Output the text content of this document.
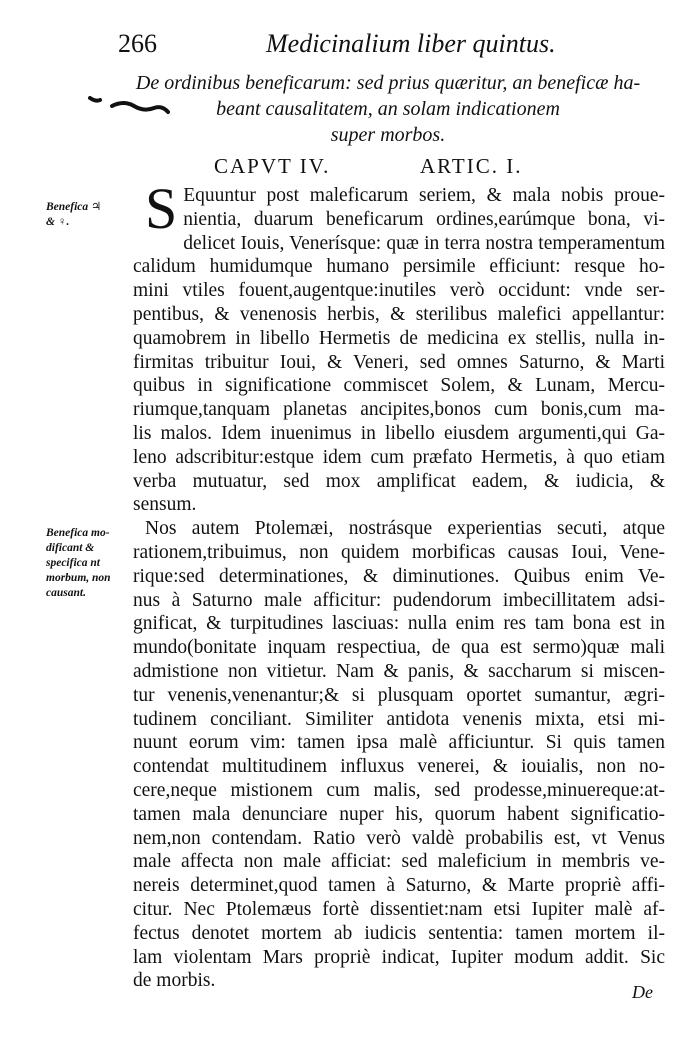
266	Medicinalium liber quintus.
De ordinibus beneficarum: sed prius quæritur, an beneficæ ha-
beant causalitatem, an solam indicationem
super morbos.
CAPVT IV.	ARTIC. I.
Benefica ♃
& ♀.
Benefica mo-
dificant &
specifica nt
morbum, non
causant.
S Equuntur post maleficarum seriem, & mala nobis proue-
nientia, duarum beneficarum ordines,earúmque bona, vi-
delicet Iouis, Venerísque: quæ in terra nostra temperamentum
calidum humidumque humano persimile efficiunt: resque ho-
mini vtiles fouent,augentque:inutiles verò occidunt: vnde ser-
pentibus, & venenosis herbis, & sterilibus malefici appellantur:
quamobrem in libello Hermetis de medicina ex stellis, nulla in-
firmitas tribuitur Ioui, & Veneri, sed omnes Saturno, & Marti
quibus in significatione commiscet Solem, & Lunam, Mercu-
riumque,tanquam planetas ancipites,bonos cum bonis,cum ma-
lis malos. Idem inuenimus in libello eiusdem argumenti,qui Ga-
leno adscribitur:estque idem cum præfato Hermetis, à quo etiam
verba mutuatur, sed mox amplificat eadem, & iudicia, &
sensum.
Nos autem Ptolemæi, nostrásque experientias secuti, atque
rationem,tribuimus, non quidem morbificas causas Ioui, Vene-
rique:sed determinationes, & diminutiones. Quibus enim Ve-
nus à Saturno male afficitur: pudendorum imbecillitatem adsi-
gnificat, & turpitudines lasciuas: nulla enim res tam bona est in
mundo(bonitate inquam respectiua, de qua est sermo)quæ mali
admistione non vitietur. Nam & panis, & saccharum si miscen-
tur venenis,venenantur;& si plusquam oportet sumantur, ægri-
tudinem conciliant. Similiter antidota venenis mixta, etsi mi-
nuunt eorum vim: tamen ipsa malè afficiuntur. Si quis tamen
contendat multitudinem influxus venerei, & iouialis, non no-
cere,neque mistionem cum malis, sed prodesse,minuereque:at-
tamen mala denunciare nuper his, quorum habent significatio-
nem,non contendam. Ratio verò valdè probabilis est, vt Venus
male affecta non male afficiat: sed maleficium in membris ve-
nereis determinet,quod tamen à Saturno, & Marte propriè affi-
citur. Nec Ptolemæus fortè dissentiet:nam etsi Iupiter malè af-
fectus denotet mortem ab iudicis sententia: tamen mortem il-
lam violentam Mars propriè indicat, Iupiter modum addit. Sic
de morbis.
De
